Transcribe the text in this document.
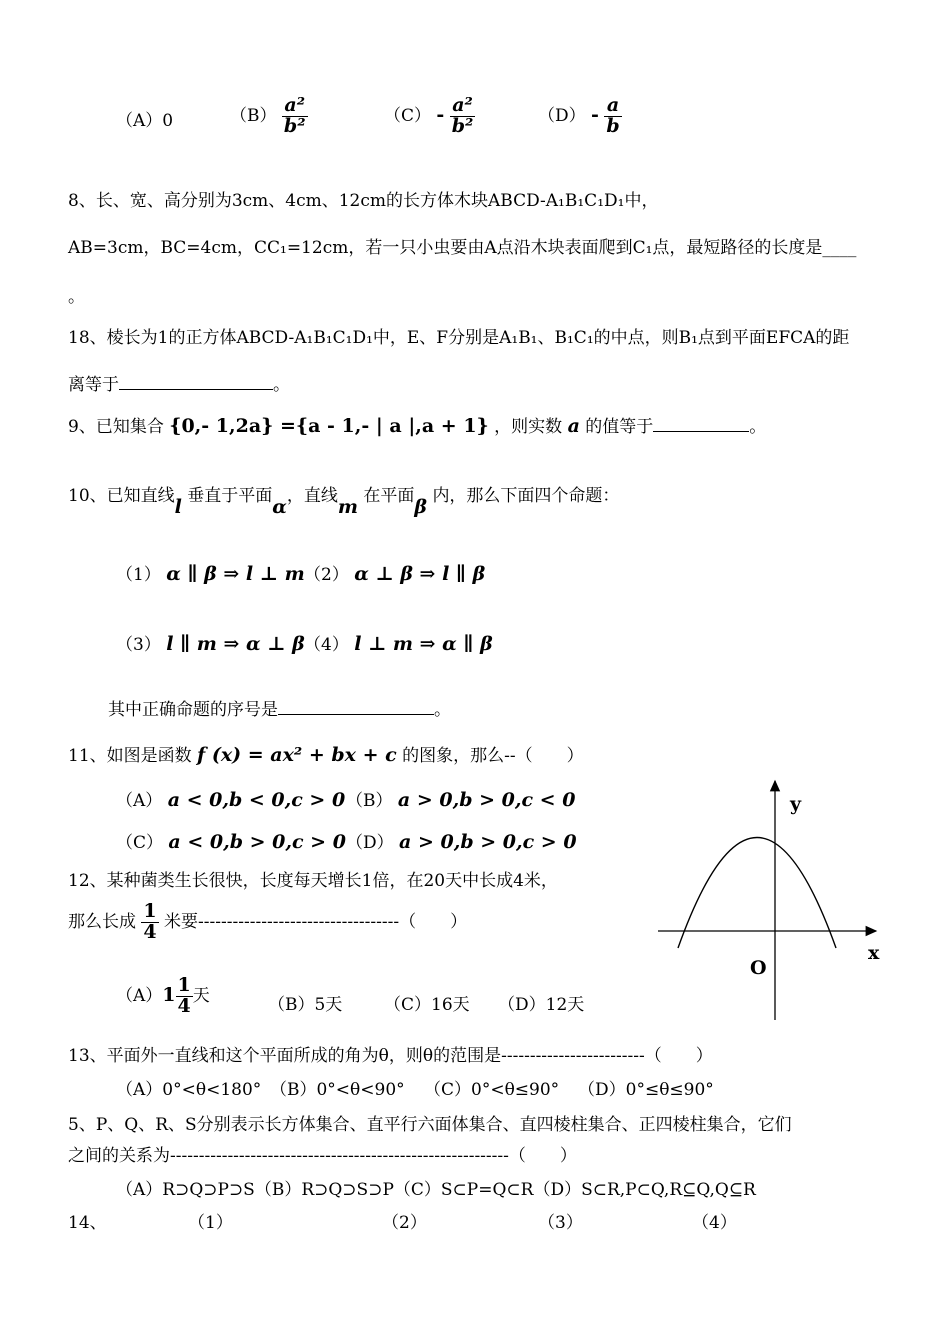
（A）0	$(B) \frac{\text{a²}}{\text{b²}}$	$(C) - \frac{\text{a²}}{\text{b²}}$	$(D) - \frac{a}{b}$
8、长、宽、高分别为3cm、4cm、12cm的长方体木块ABCD-A₁B₁C₁D₁中，
AB=3cm，BC=4cm，CC₁=12cm，若一只小虫要由A点沿木块表面爬到C₁点，最短路径的长度是____
。
18、棱长为1的正方体ABCD-A₁B₁C₁D₁中，E、F分别是A₁B₁、B₁C₁的中点，则B₁点到平面EFCA的距
离等于	。
9、已知集合 {0,- 1,2a} ={a - 1,- | a |,a + 1} ，则实数 a 的值等于	。
10、已知直线l 垂直于平面α，直线m 在平面β 内，那么下面四个命题：
（1） α ∥ β ⇒ l ⊥ m （2） α ⊥ β ⇒ l ∥ β
（3） l ∥ m ⇒ α ⊥ β （4） l ⊥ m ⇒ α ∥ β
其中正确命题的序号是	。
11、如图是函数 f (x) = ax² + bx + c 的图象，那么--（　　）
（A） a < 0,b < 0,c > 0 （B） a > 0,b > 0,c < 0
（C） a < 0,b > 0,c > 0 （D） a > 0,b > 0,c > 0
y
x
O
12、某种菌类生长很快，长度每天增长1倍，在20天中长成4米，
那么长成 $\frac{1}{4}$ 米要-----------------------------------（　　）
$(A)1 \frac{1}{4}$ 天	（B）5天 （C）16天 （D）12天
13、平面外一直线和这个平面所成的角为θ，则θ的范围是-------------------------（　　）
（A）0°<θ<180° （B）0°<θ<90° （C）0°<θ≤90° （D）0°≤θ≤90°
5、P、Q、R、S分别表示长方体集合、直平行六面体集合、直四棱柱集合、正四棱柱集合，它们
之间的关系为-----------------------------------------------------------（　　）
（A）R⊃Q⊃P⊃S（B）R⊃Q⊃S⊃P（C）S⊂P=Q⊂R（D）S⊂R,P⊂Q,R⊆Q,Q⊆R
14、	（1）	（2）	（3）	（4）
